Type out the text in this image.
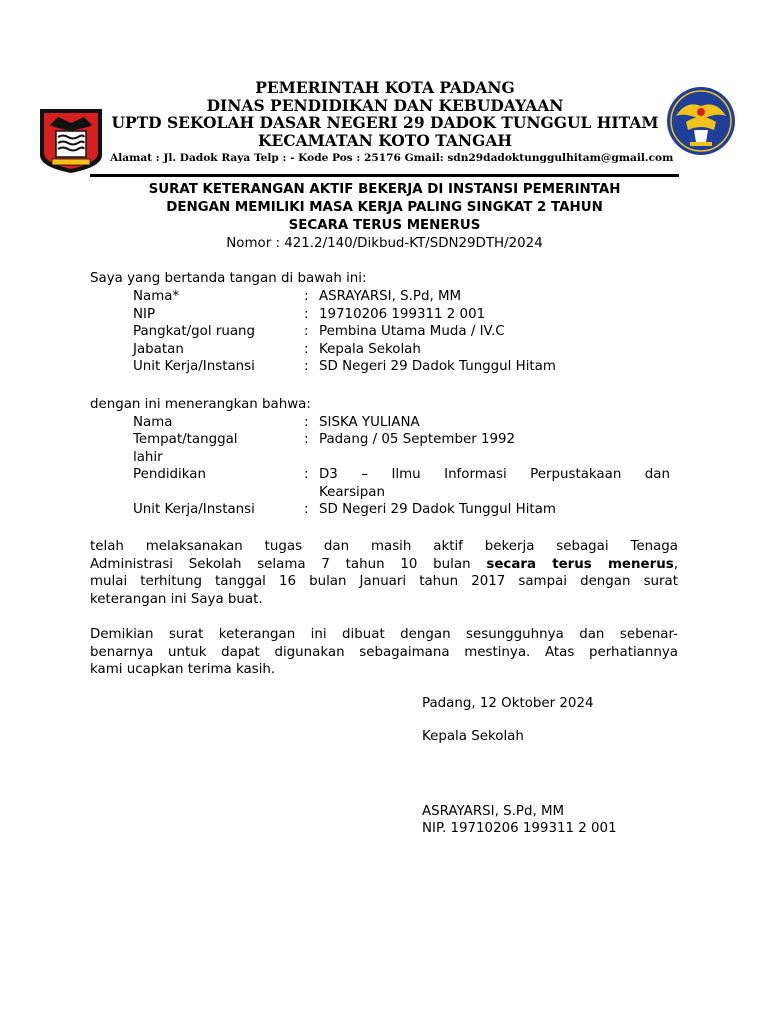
PEMERINTAH KOTA PADANG
DINAS PENDIDIKAN DAN KEBUDAYAAN
UPTD SEKOLAH DASAR NEGERI 29 DADOK TUNGGUL HITAM
KECAMATAN KOTO TANGAH
Alamat : Jl. Dadok Raya Telp : - Kode Pos : 25176 Gmail: sdn29dadoktunggulhitam@gmail.com
SURAT KETERANGAN AKTIF BEKERJA DI INSTANSI PEMERINTAH
DENGAN MEMILIKI MASA KERJA PALING SINGKAT 2 TAHUN
SECARA TERUS MENERUS
Nomor : 421.2/140/Dikbud-KT/SDN29DTH/2024
Saya yang bertanda tangan di bawah ini:
Nama*	: ASRAYARSI, S.Pd, MM
NIP	: 19710206 199311 2 001
Pangkat/gol ruang	: Pembina Utama Muda / IV.C
Jabatan	: Kepala Sekolah
Unit Kerja/Instansi	: SD Negeri 29 Dadok Tunggul Hitam
dengan ini menerangkan bahwa:
Nama	: SISKA YULIANA
Tempat/tanggal	: Padang / 05 September 1992
lahir
Pendidikan	: D3 – Ilmu Informasi Perpustakaan dan
Kearsipan
Unit Kerja/Instansi	: SD Negeri 29 Dadok Tunggul Hitam
telah melaksanakan tugas dan masih aktif bekerja sebagai Tenaga
Administrasi Sekolah selama 7 tahun 10 bulan secara terus menerus,
mulai terhitung tanggal 16 bulan Januari tahun 2017 sampai dengan surat
keterangan ini Saya buat.
Demikian surat keterangan ini dibuat dengan sesungguhnya dan sebenar-
benarnya untuk dapat digunakan sebagaimana mestinya. Atas perhatiannya
kami ucapkan terima kasih.
Padang, 12 Oktober 2024
Kepala Sekolah
ASRAYARSI, S.Pd, MM
NIP. 19710206 199311 2 001
